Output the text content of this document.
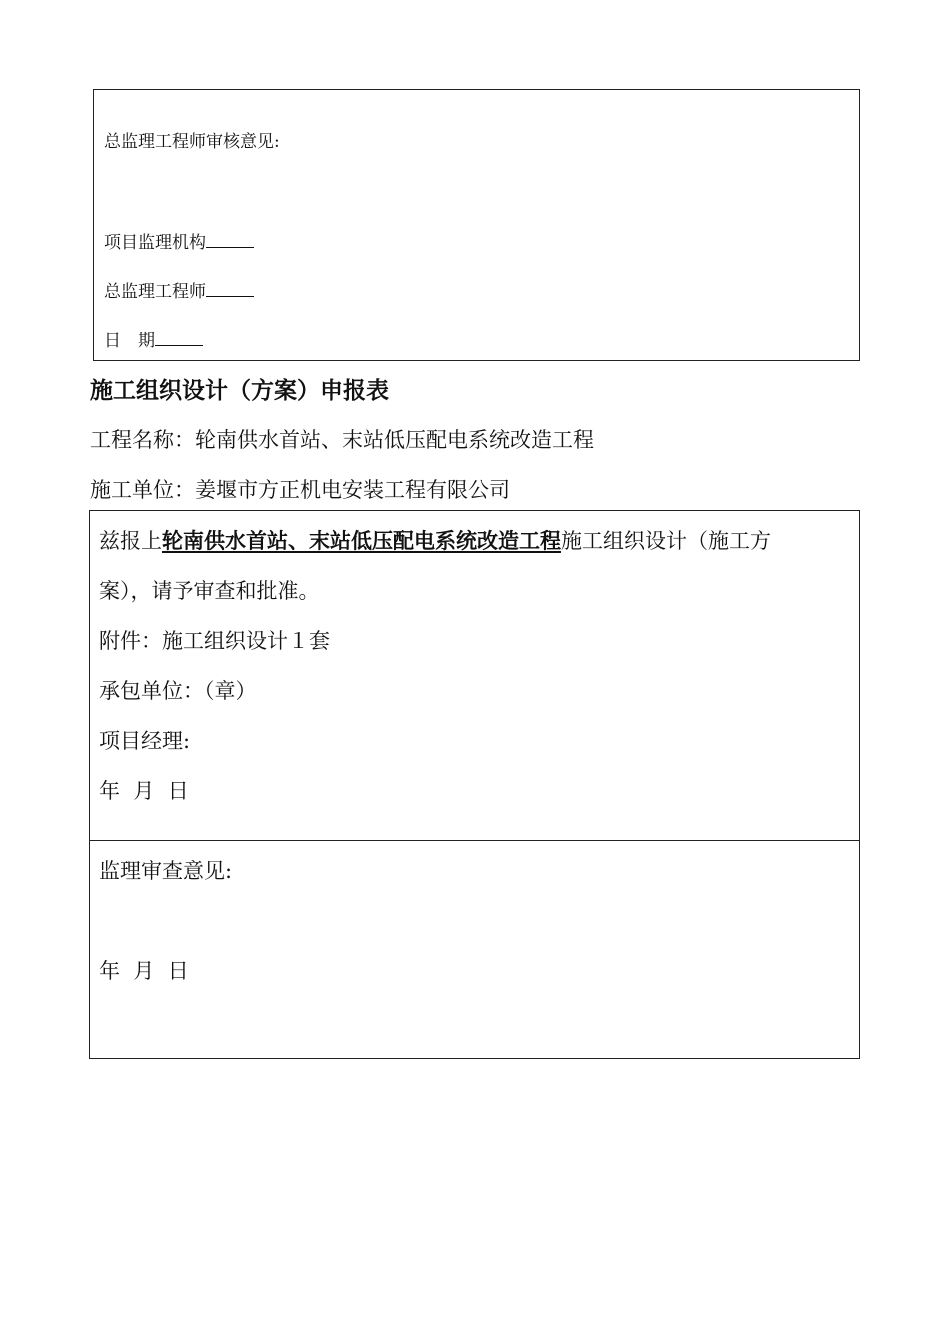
总监理工程师审核意见:
项目监理机构
总监理工程师
日　期
施工组织设计（方案）申报表
工程名称：轮南供水首站、末站低压配电系统改造工程
施工单位：姜堰市方正机电安装工程有限公司
兹报上轮南供水首站、末站低压配电系统改造工程施工组织设计（施工方
案），请予审查和批准。
附件：施工组织设计１套
承包单位：（章）
项目经理:
年  月  日
监理审查意见:
年  月  日
